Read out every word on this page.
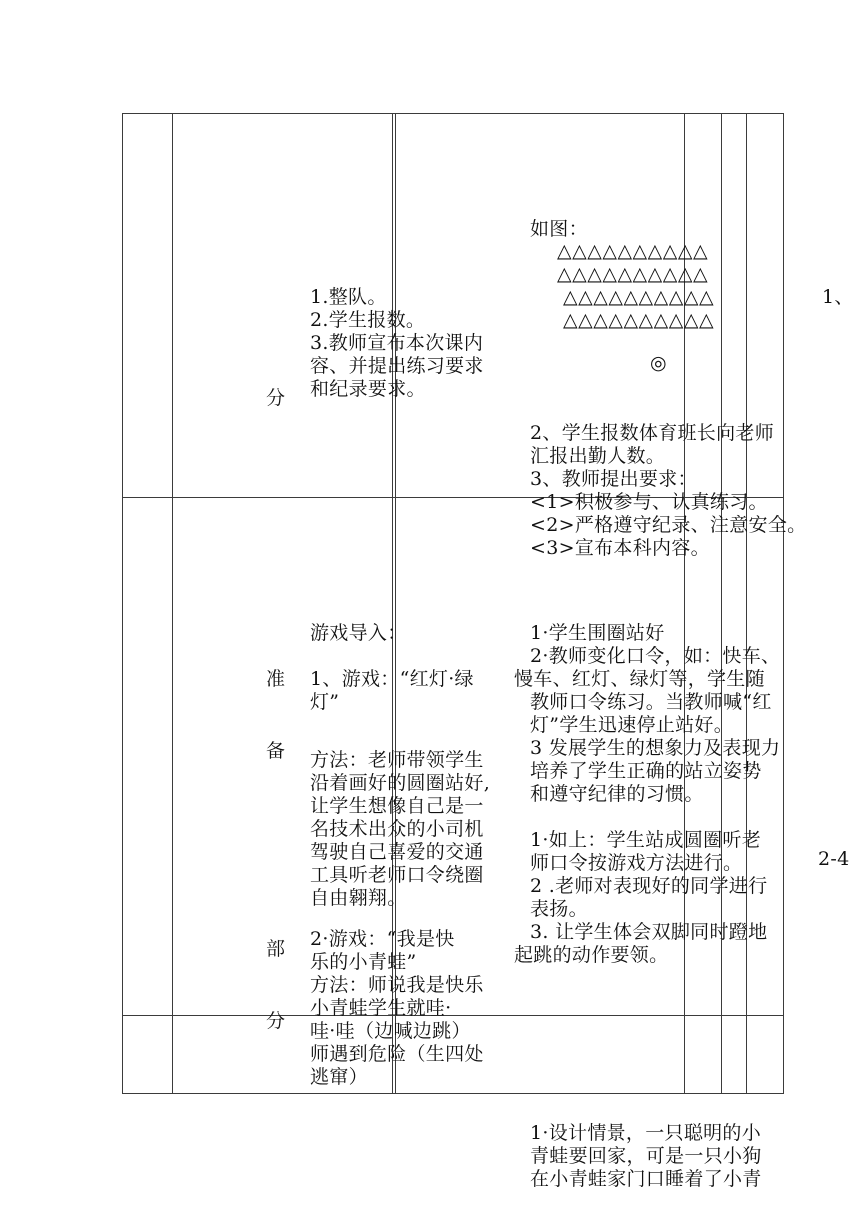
分
准
备
部
分
1.整队。
2.学生报数。
3.教师宣布本次课内
容、并提出练习要求
和纪录要求。
游戏导入：
1、游戏：“红灯·绿
灯”
方法：老师带领学生
沿着画好的圆圈站好,
让学生想像自己是一
名技术出众的小司机
驾驶自己喜爱的交通
工具听老师口令绕圈
自由翱翔。
2·游戏：“我是快
乐的小青蛙”
方法：师说我是快乐
小青蛙学生就哇·
哇·哇（边喊边跳）
师遇到危险（生四处
逃窜）
如图：
△△△△△△△△△△
△△△△△△△△△△
△△△△△△△△△△
△△△△△△△△△△
◎
2、学生报数体育班长向老师
汇报出勤人数。
3、教师提出要求：
<1>积极参与、认真练习。
<2>严格遵守纪录、注意安全。
<3>宣布本科内容。
1·学生围圈站好
2·教师变化口令，如：快车、
慢车、红灯、绿灯等，学生随
教师口令练习。当教师喊“红
灯”学生迅速停止站好。
3 发展学生的想象力及表现力
培养了学生正确的站立姿势
和遵守纪律的习惯。
1·如上：学生站成圆圈听老
师口令按游戏方法进行。
2 .老师对表现好的同学进行
表扬。
3. 让学生体会双脚同时蹬地
起跳的动作要领。
1·设计情景，一只聪明的小
青蛙要回家，可是一只小狗
在小青蛙家门口睡着了小青
1、
2-4
